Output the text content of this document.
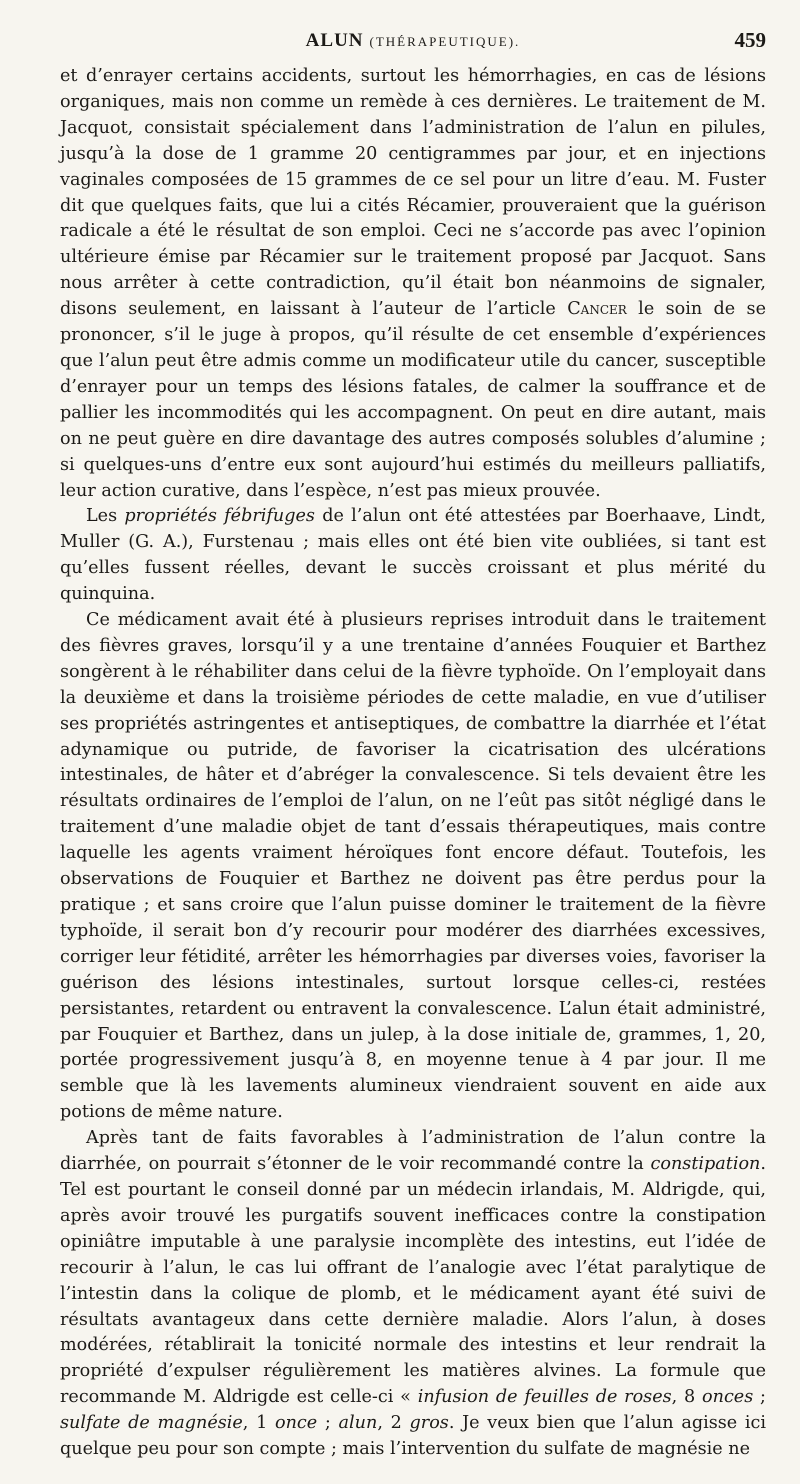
ALUN (THÉRAPEUTIQUE).	459

et d’enrayer certains accidents, surtout les hémorrhagies, en cas de lésions organiques, mais non comme un remède à ces dernières. Le traitement de M. Jacquot, consistait spécialement dans l’administration de l’alun en pilules, jusqu’à la dose de 1 gramme 20 centigrammes par jour, et en injections vaginales composées de 15 grammes de ce sel pour un litre d’eau. M. Fuster dit que quelques faits, que lui a cités Récamier, prouveraient que la guérison radicale a été le résultat de son emploi. Ceci ne s’accorde pas avec l’opinion ultérieure émise par Récamier sur le traitement proposé par Jacquot. Sans nous arrêter à cette contradiction, qu’il était bon néanmoins de signaler, disons seulement, en laissant à l’auteur de l’article Cancer le soin de se prononcer, s’il le juge à propos, qu’il résulte de cet ensemble d’expériences que l’alun peut être admis comme un modificateur utile du cancer, susceptible d’enrayer pour un temps des lésions fatales, de calmer la souffrance et de pallier les incommodités qui les accompagnent. On peut en dire autant, mais on ne peut guère en dire davantage des autres composés solubles d’alumine ; si quelques-uns d’entre eux sont aujourd’hui estimés du meilleurs palliatifs, leur action curative, dans l’espèce, n’est pas mieux prouvée.

Les propriétés fébrifuges de l’alun ont été attestées par Boerhaave, Lindt, Muller (G. A.), Furstenau ; mais elles ont été bien vite oubliées, si tant est qu’elles fussent réelles, devant le succès croissant et plus mérité du quinquina.

Ce médicament avait été à plusieurs reprises introduit dans le traitement des fièvres graves, lorsqu’il y a une trentaine d’années Fouquier et Barthez songèrent à le réhabiliter dans celui de la fièvre typhoïde. On l’employait dans la deuxième et dans la troisième périodes de cette maladie, en vue d’utiliser ses propriétés astringentes et antiseptiques, de combattre la diarrhée et l’état adynamique ou putride, de favoriser la cicatrisation des ulcérations intestinales, de hâter et d’abréger la convalescence. Si tels devaient être les résultats ordinaires de l’emploi de l’alun, on ne l’eût pas sitôt négligé dans le traitement d’une maladie objet de tant d’essais thérapeutiques, mais contre laquelle les agents vraiment héroïques font encore défaut. Toutefois, les observations de Fouquier et Barthez ne doivent pas être perdus pour la pratique ; et sans croire que l’alun puisse dominer le traitement de la fièvre typhoïde, il serait bon d’y recourir pour modérer des diarrhées excessives, corriger leur fétidité, arrêter les hémorrhagies par diverses voies, favoriser la guérison des lésions intestinales, surtout lorsque celles-ci, restées persistantes, retardent ou entravent la convalescence. L’alun était administré, par Fouquier et Barthez, dans un julep, à la dose initiale de, grammes, 1, 20, portée progressivement jusqu’à 8, en moyenne tenue à 4 par jour. Il me semble que là les lavements alumineux viendraient souvent en aide aux potions de même nature.

Après tant de faits favorables à l’administration de l’alun contre la diarrhée, on pourrait s’étonner de le voir recommandé contre la constipation. Tel est pourtant le conseil donné par un médecin irlandais, M. Aldrigde, qui, après avoir trouvé les purgatifs souvent inefficaces contre la constipation opiniâtre imputable à une paralysie incomplète des intestins, eut l’idée de recourir à l’alun, le cas lui offrant de l’analogie avec l’état paralytique de l’intestin dans la colique de plomb, et le médicament ayant été suivi de résultats avantageux dans cette dernière maladie. Alors l’alun, à doses modérées, rétablirait la tonicité normale des intestins et leur rendrait la propriété d’expulser régulièrement les matières alvines. La formule que recommande M. Aldrigde est celle-ci « infusion de feuilles de roses, 8 onces ; sulfate de magnésie, 1 once ; alun, 2 gros. Je veux bien que l’alun agisse ici quelque peu pour son compte ; mais l’intervention du sulfate de magnésie ne
